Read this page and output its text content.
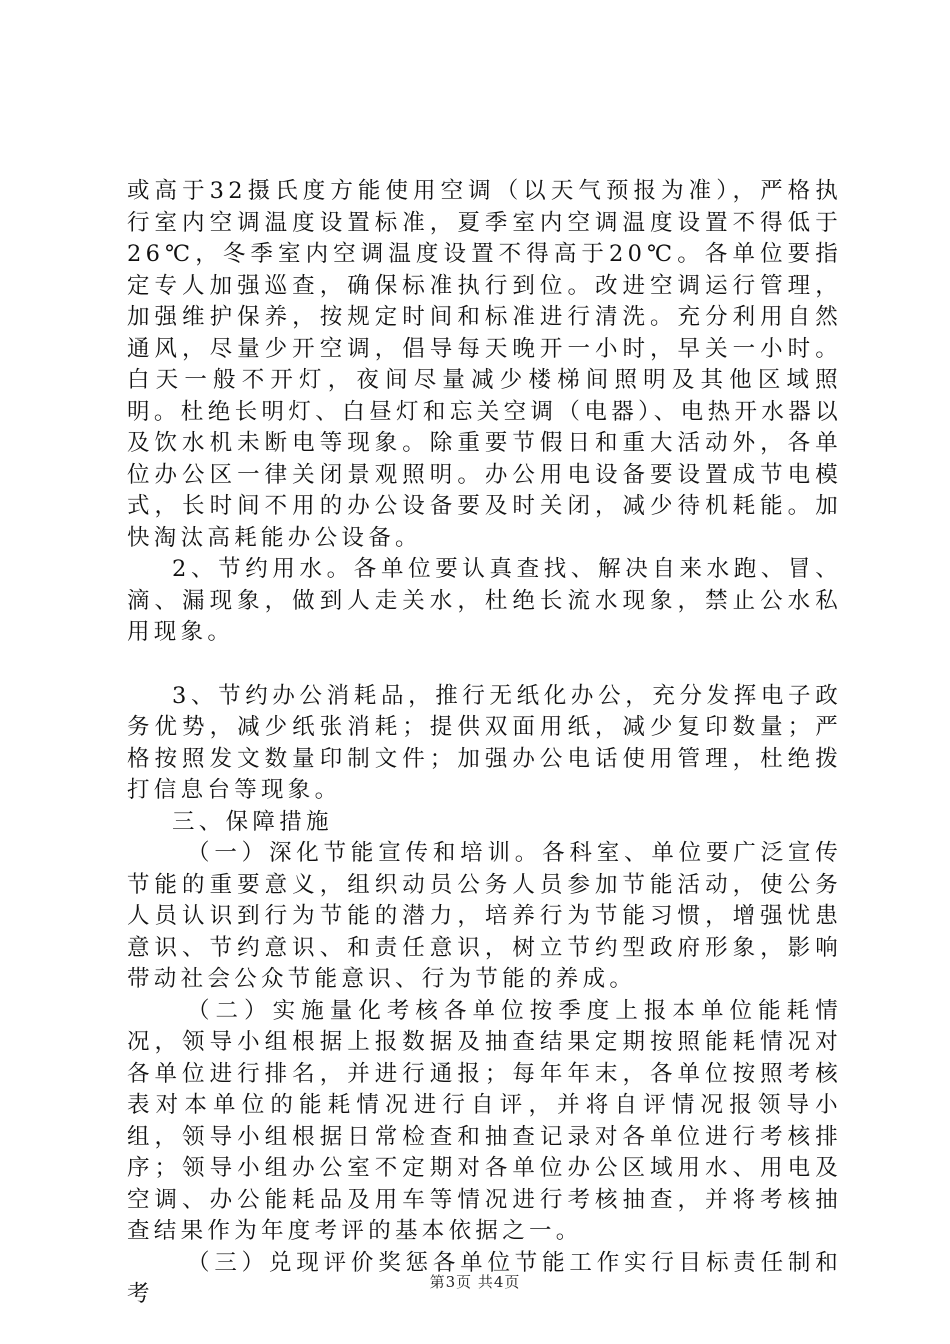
或高于32摄氏度方能使用空调（以天气预报为准），严格执行室内空调温度设置标准，夏季室内空调温度设置不得低于26℃，冬季室内空调温度设置不得高于20℃。各单位要指定专人加强巡查，确保标准执行到位。改进空调运行管理，加强维护保养，按规定时间和标准进行清洗。充分利用自然通风，尽量少开空调，倡导每天晚开一小时，早关一小时。白天一般不开灯，夜间尽量减少楼梯间照明及其他区域照明。杜绝长明灯、白昼灯和忘关空调（电器）、电热开水器以及饮水机未断电等现象。除重要节假日和重大活动外，各单位办公区一律关闭景观照明。办公用电设备要设置成节电模式，长时间不用的办公设备要及时关闭，减少待机耗能。加快淘汰高耗能办公设备。

2、节约用水。各单位要认真查找、解决自来水跑、冒、滴、漏现象，做到人走关水，杜绝长流水现象，禁止公水私用现象。

3、节约办公消耗品，推行无纸化办公，充分发挥电子政务优势，减少纸张消耗；提供双面用纸，减少复印数量；严格按照发文数量印制文件；加强办公电话使用管理，杜绝拨打信息台等现象。

三、保障措施

（一）深化节能宣传和培训。各科室、单位要广泛宣传节能的重要意义，组织动员公务人员参加节能活动，使公务人员认识到行为节能的潜力，培养行为节能习惯，增强忧患意识、节约意识、和责任意识，树立节约型政府形象，影响带动社会公众节能意识、行为节能的养成。

（二）实施量化考核各单位按季度上报本单位能耗情况，领导小组根据上报数据及抽查结果定期按照能耗情况对各单位进行排名，并进行通报；每年年末，各单位按照考核表对本单位的能耗情况进行自评，并将自评情况报领导小组，领导小组根据日常检查和抽查记录对各单位进行考核排序；领导小组办公室不定期对各单位办公区域用水、用电及空调、办公能耗品及用车等情况进行考核抽查，并将考核抽查结果作为年度考评的基本依据之一。

（三）兑现评价奖惩各单位节能工作实行目标责任制和考	第3页 共4页
